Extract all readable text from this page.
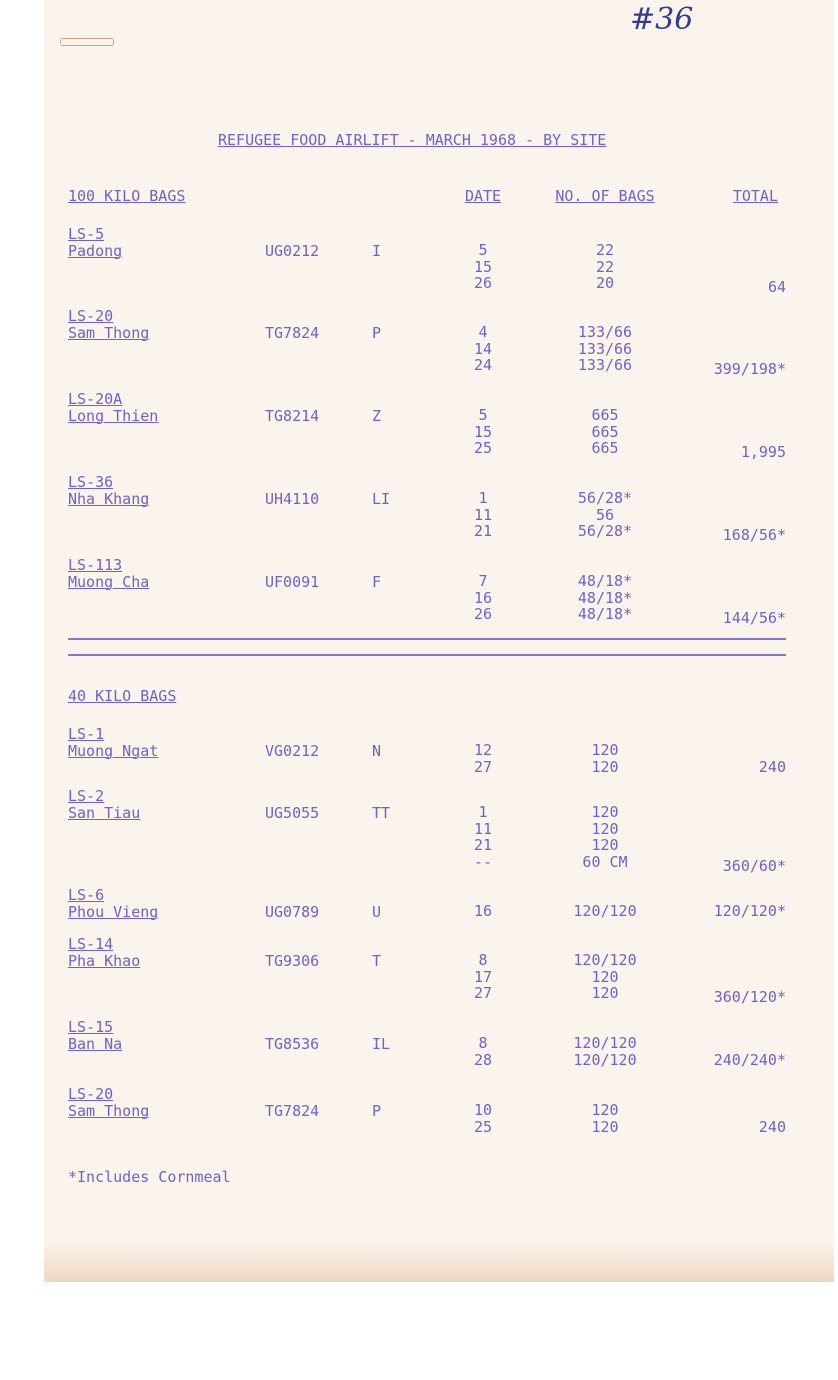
#36
REFUGEE FOOD AIRLIFT - MARCH 1968 - BY SITE
100 KILO BAGS	DATE	NO. OF BAGS	TOTAL
LS-5
Padong	UG0212	I	5	22
15	22
26	20	64
LS-20
Sam Thong	TG7824	P	4	133/66
14	133/66
24	133/66	399/198*
LS-20A
Long Thien	TG8214	Z	5	665
15	665
25	665	1,995
LS-36
Nha Khang	UH4110	LI	1	56/28*
11	56
21	56/28*	168/56*
LS-113
Muong Cha	UF0091	F	7	48/18*
16	48/18*
26	48/18*	144/56*
40 KILO BAGS
LS-1
Muong Ngat	VG0212	N	12	120
27	120	240
LS-2
San Tiau	UG5055	TT	1	120
11	120
21	120
--	60 CM	360/60*
LS-6
Phou Vieng	UG0789	U	16	120/120	120/120*
LS-14
Pha Khao	TG9306	T	8	120/120
17	120
27	120	360/120*
LS-15
Ban Na	TG8536	IL	8	120/120
28	120/120	240/240*
LS-20
Sam Thong	TG7824	P	10	120
25	120	240
*Includes Cornmeal
